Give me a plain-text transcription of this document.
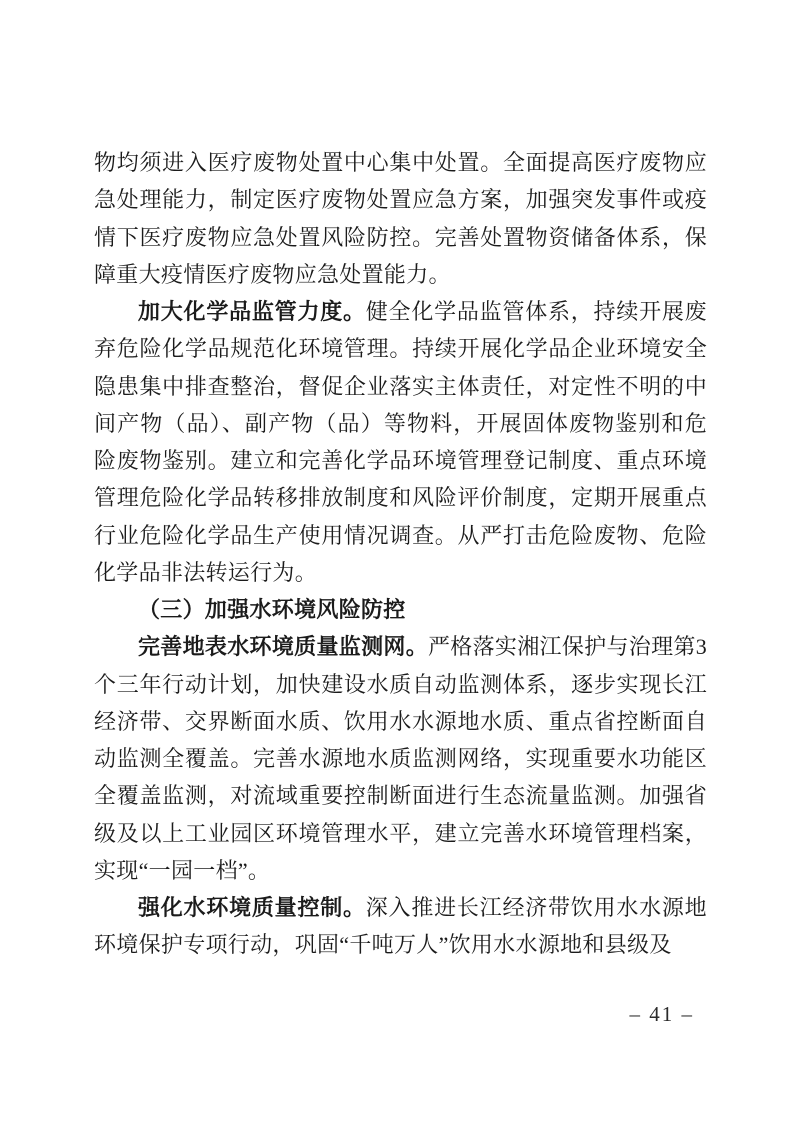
物均须进入医疗废物处置中心集中处置。全面提高医疗废物应急处理能力，制定医疗废物处置应急方案，加强突发事件或疫情下医疗废物应急处置风险防控。完善处置物资储备体系，保障重大疫情医疗废物应急处置能力。

加大化学品监管力度。健全化学品监管体系，持续开展废弃危险化学品规范化环境管理。持续开展化学品企业环境安全隐患集中排查整治，督促企业落实主体责任，对定性不明的中间产物（品）、副产物（品）等物料，开展固体废物鉴别和危险废物鉴别。建立和完善化学品环境管理登记制度、重点环境管理危险化学品转移排放制度和风险评价制度，定期开展重点行业危险化学品生产使用情况调查。从严打击危险废物、危险化学品非法转运行为。

（三）加强水环境风险防控

完善地表水环境质量监测网。严格落实湘江保护与治理第3个三年行动计划，加快建设水质自动监测体系，逐步实现长江经济带、交界断面水质、饮用水水源地水质、重点省控断面自动监测全覆盖。完善水源地水质监测网络，实现重要水功能区全覆盖监测，对流域重要控制断面进行生态流量监测。加强省级及以上工业园区环境管理水平，建立完善水环境管理档案，实现“一园一档”。

强化水环境质量控制。深入推进长江经济带饮用水水源地环境保护专项行动，巩固“千吨万人”饮用水水源地和县级及

– 41 –
